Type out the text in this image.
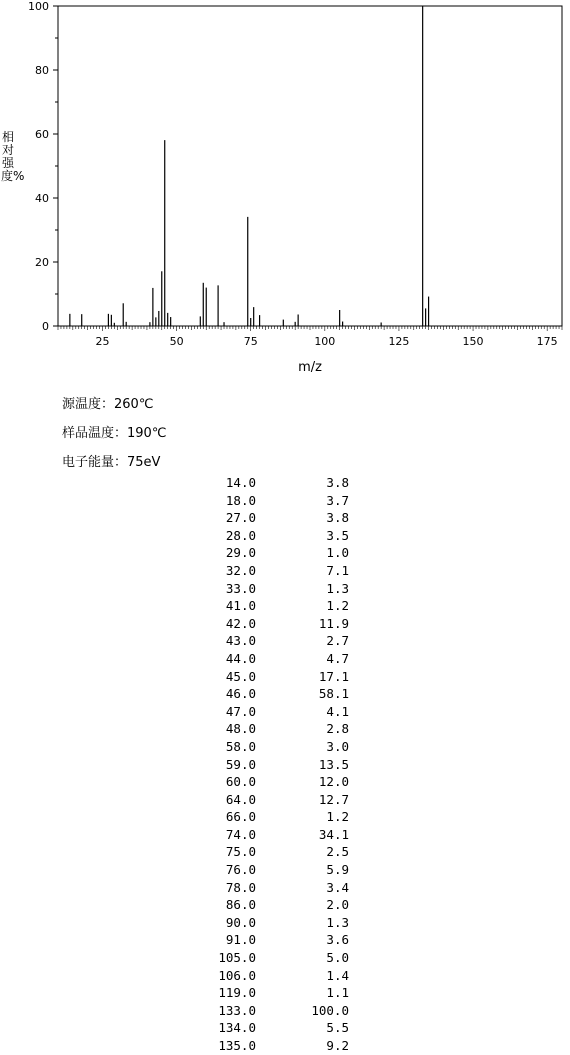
0
20
40
60
80
100
25	50	75	100	125	150	175
m/z
相对强度%
源温度：260℃
样品温度：190℃
电子能量：75eV
14.0	3.8
18.0	3.7
27.0	3.8
28.0	3.5
29.0	1.0
32.0	7.1
33.0	1.3
41.0	1.2
42.0	11.9
43.0	2.7
44.0	4.7
45.0	17.1
46.0	58.1
47.0	4.1
48.0	2.8
58.0	3.0
59.0	13.5
60.0	12.0
64.0	12.7
66.0	1.2
74.0	34.1
75.0	2.5
76.0	5.9
78.0	3.4
86.0	2.0
90.0	1.3
91.0	3.6
105.0	5.0
106.0	1.4
119.0	1.1
133.0	100.0
134.0	5.5
135.0	9.2
